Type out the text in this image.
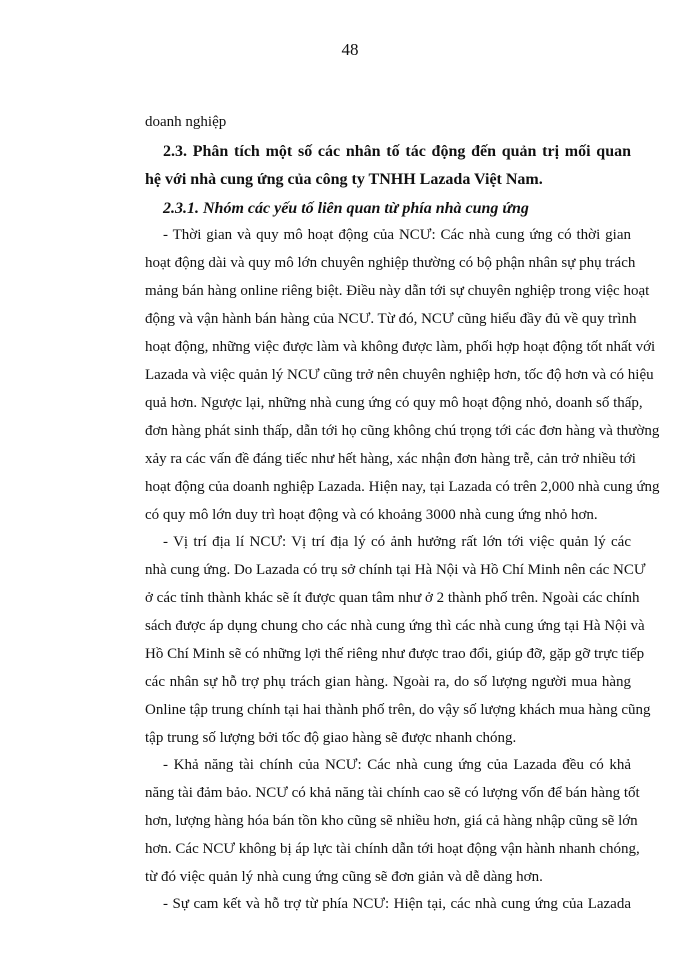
48
doanh nghiệp
2.3. Phân tích một số các nhân tố tác động đến quản trị mối quan
hệ với nhà cung ứng của công ty TNHH Lazada Việt Nam.
2.3.1. Nhóm các yếu tố liên quan từ phía nhà cung ứng
- Thời gian và quy mô hoạt động của NCƯ: Các nhà cung ứng có thời gian
hoạt động dài và quy mô lớn chuyên nghiệp thường có bộ phận nhân sự phụ trách
mảng bán hàng online riêng biệt. Điều này dẫn tới sự chuyên nghiệp trong việc hoạt
động và vận hành bán hàng của NCƯ. Từ đó, NCƯ cũng hiểu đầy đủ về quy trình
hoạt động, những việc được làm và không được làm, phối hợp hoạt động tốt nhất với
Lazada và việc quản lý NCƯ cũng trở nên chuyên nghiệp hơn, tốc độ hơn và có hiệu
quả hơn. Ngược lại, những nhà cung ứng có quy mô hoạt động nhỏ, doanh số thấp,
đơn hàng phát sinh thấp, dẫn tới họ cũng không chú trọng tới các đơn hàng và thường
xảy ra các vấn đề đáng tiếc như hết hàng, xác nhận đơn hàng trễ, cản trở nhiều tới
hoạt động của doanh nghiệp Lazada. Hiện nay, tại Lazada có trên 2,000 nhà cung ứng
có quy mô lớn duy trì hoạt động và có khoảng 3000 nhà cung ứng nhỏ hơn.
- Vị trí địa lí NCƯ: Vị trí địa lý có ảnh hưởng rất lớn tới việc quản lý các
nhà cung ứng. Do Lazada có trụ sở chính tại Hà Nội và Hồ Chí Minh nên các NCƯ
ở các tỉnh thành khác sẽ ít được quan tâm như ở 2 thành phố trên. Ngoài các chính
sách được áp dụng chung cho các nhà cung ứng thì các nhà cung ứng tại Hà Nội và
Hồ Chí Minh sẽ có những lợi thế riêng như được trao đổi, giúp đỡ, gặp gỡ trực tiếp
các nhân sự hỗ trợ phụ trách gian hàng. Ngoài ra, do số lượng người mua hàng
Online tập trung chính tại hai thành phố trên, do vậy số lượng khách mua hàng cũng
tập trung số lượng bởi tốc độ giao hàng sẽ được nhanh chóng.
- Khả năng tài chính của NCƯ: Các nhà cung ứng của Lazada đều có khả
năng tài đảm bảo. NCƯ có khả năng tài chính cao sẽ có lượng vốn để bán hàng tốt
hơn, lượng hàng hóa bán tồn kho cũng sẽ nhiều hơn, giá cả hàng nhập cũng sẽ lớn
hơn. Các NCƯ không bị áp lực tài chính dẫn tới hoạt động vận hành nhanh chóng,
từ đó việc quản lý nhà cung ứng cũng sẽ đơn giản và dễ dàng hơn.
- Sự cam kết và hỗ trợ từ phía NCƯ: Hiện tại, các nhà cung ứng của Lazada
